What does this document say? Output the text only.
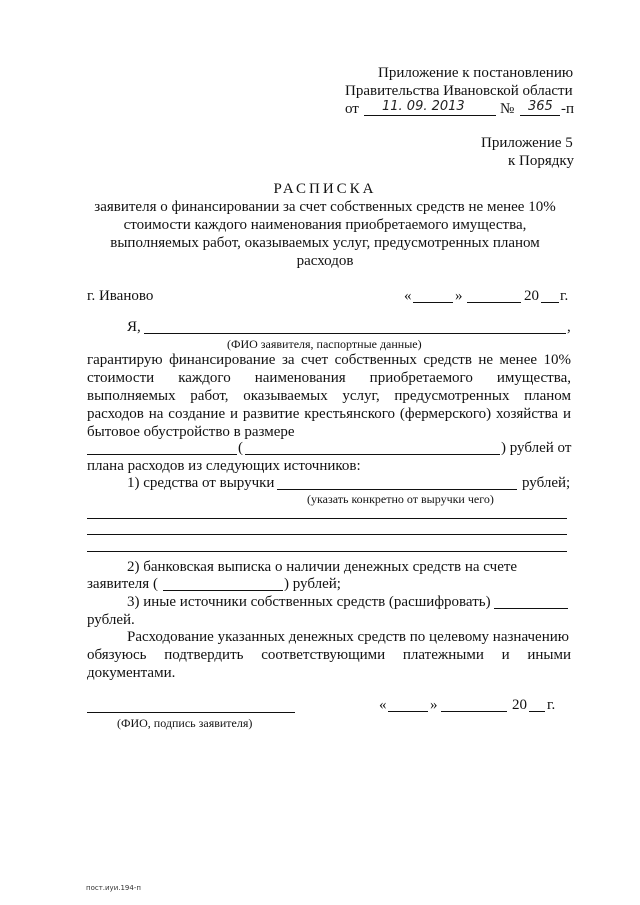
Приложение к постановлению
Правительства Ивановской области
от 11. 09. 2013 № 365 -п
Приложение 5
к Порядку
РАСПИСКА
заявителя о финансировании за счет собственных средств не менее 10%
стоимости каждого наименования приобретаемого имущества,
выполняемых работ, оказываемых услуг, предусмотренных планом
расходов
г. Иваново	«	»	20 г.
Я,	,
(ФИО заявителя, паспортные данные)
гарантирую финансирование за счет собственных средств не менее 10%
стоимости каждого наименования приобретаемого имущества,
выполняемых работ, оказываемых услуг, предусмотренных планом
расходов на создание и развитие крестьянского (фермерского) хозяйства и
бытовое обустройство в размере
(	) рублей от
плана расходов из следующих источников:
1) средства от выручки	рублей;
(указать конкретно от выручки чего)
2) банковская выписка о наличии денежных средств на счете
заявителя (	) рублей;
3) иные источники собственных средств (расшифровать)
рублей.
Расходование указанных денежных средств по целевому назначению
обязуюсь подтвердить соответствующими платежными и иными
документами.
(ФИО, подпись заявителя)
«	»	20 г.
пост.иуи.194-п
